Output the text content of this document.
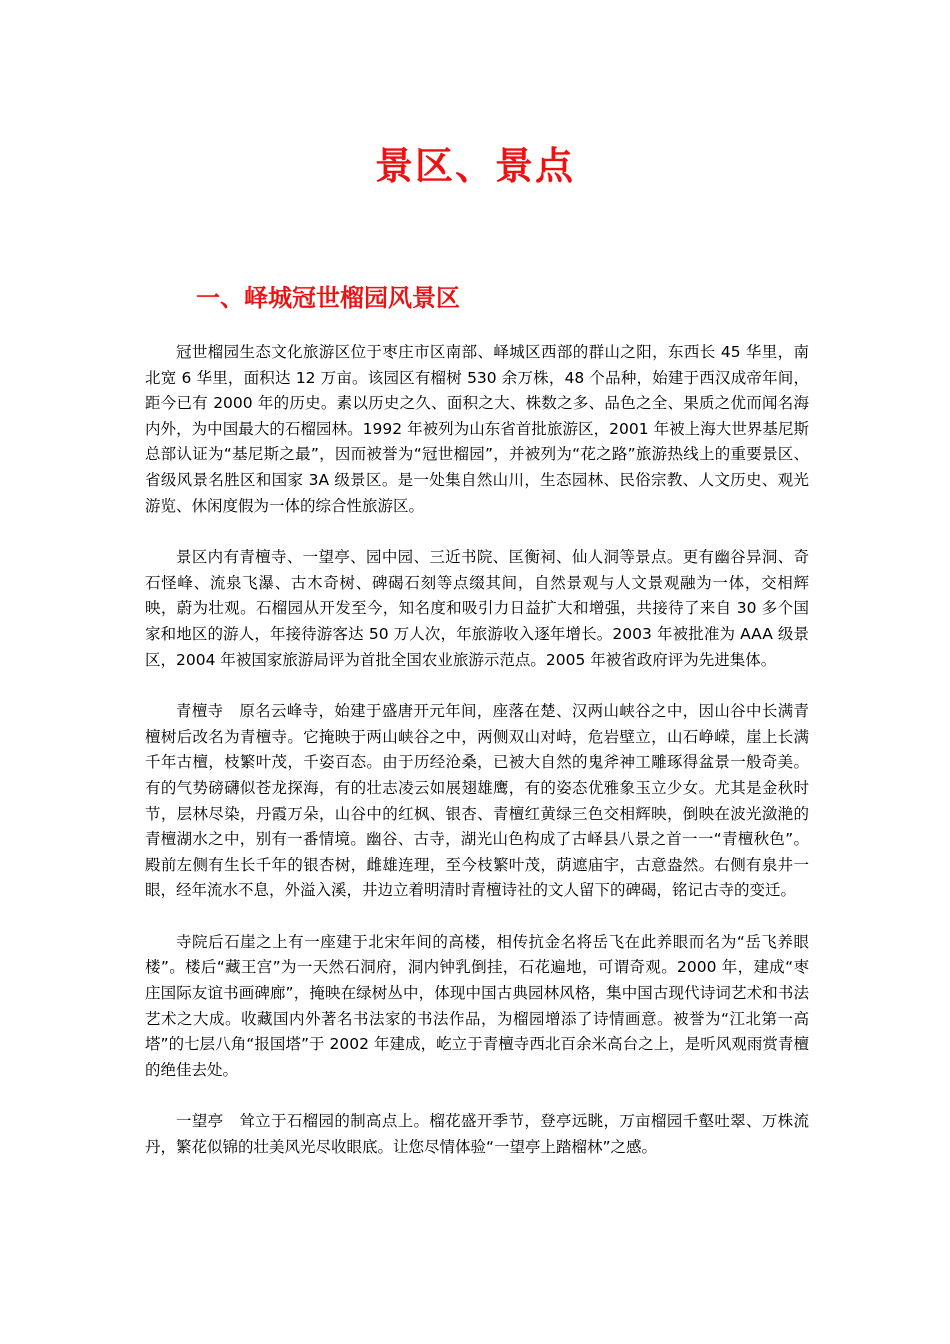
景区、景点
一、峄城冠世榴园风景区

冠世榴园生态文化旅游区位于枣庄市区南部、峄城区西部的群山之阳，东西长 45 华里，南北宽 6 华里，面积达 12 万亩。该园区有榴树 530 余万株，48 个品种，始建于西汉成帝年间，距今已有 2000 年的历史。素以历史之久、面积之大、株数之多、品色之全、果质之优而闻名海内外，为中国最大的石榴园林。1992 年被列为山东省首批旅游区，2001 年被上海大世界基尼斯总部认证为“基尼斯之最”，因而被誉为“冠世榴园”，并被列为“花之路”旅游热线上的重要景区、省级风景名胜区和国家 3A 级景区。是一处集自然山川，生态园林、民俗宗教、人文历史、观光游览、休闲度假为一体的综合性旅游区。

景区内有青檀寺、一望亭、园中园、三近书院、匡衡祠、仙人洞等景点。更有幽谷异洞、奇石怪峰、流泉飞瀑、古木奇树、碑碣石刻等点缀其间，自然景观与人文景观融为一体，交相辉映，蔚为壮观。石榴园从开发至今，知名度和吸引力日益扩大和增强，共接待了来自 30 多个国家和地区的游人，年接待游客达 50 万人次，年旅游收入逐年增长。2003 年被批准为 AAA 级景区，2004 年被国家旅游局评为首批全国农业旅游示范点。2005 年被省政府评为先进集体。

青檀寺　原名云峰寺，始建于盛唐开元年间，座落在楚、汉两山峡谷之中，因山谷中长满青檀树后改名为青檀寺。它掩映于两山峡谷之中，两侧双山对峙，危岩壁立，山石峥嵘，崖上长满千年古檀，枝繁叶茂，千姿百态。由于历经沧桑，已被大自然的鬼斧神工雕琢得盆景一般奇美。有的气势磅礴似苍龙探海，有的壮志凌云如展翅雄鹰，有的姿态优雅象玉立少女。尤其是金秋时节，层林尽染，丹霞万朵，山谷中的红枫、银杏、青檀红黄绿三色交相辉映，倒映在波光潋滟的青檀湖水之中，别有一番情境。幽谷、古寺，湖光山色构成了古峄县八景之首一一“青檀秋色”。殿前左侧有生长千年的银杏树，雌雄连理，至今枝繁叶茂，荫遮庙宇，古意盎然。右侧有泉井一眼，经年流水不息，外溢入溪，井边立着明清时青檀诗社的文人留下的碑碣，铭记古寺的变迁。

寺院后石崖之上有一座建于北宋年间的高楼，相传抗金名将岳飞在此养眼而名为“岳飞养眼楼”。楼后“藏王宫”为一天然石洞府，洞内钟乳倒挂，石花遍地，可谓奇观。2000 年，建成“枣庄国际友谊书画碑廊”，掩映在绿树丛中，体现中国古典园林风格，集中国古现代诗词艺术和书法艺术之大成。收藏国内外著名书法家的书法作品，为榴园增添了诗情画意。被誉为“江北第一高塔”的七层八角“报国塔”于 2002 年建成，屹立于青檀寺西北百余米高台之上，是听风观雨赏青檀的绝佳去处。

一望亭　耸立于石榴园的制高点上。榴花盛开季节，登亭远眺，万亩榴园千壑吐翠、万株流丹，繁花似锦的壮美风光尽收眼底。让您尽情体验“一望亭上踏榴林”之感。
